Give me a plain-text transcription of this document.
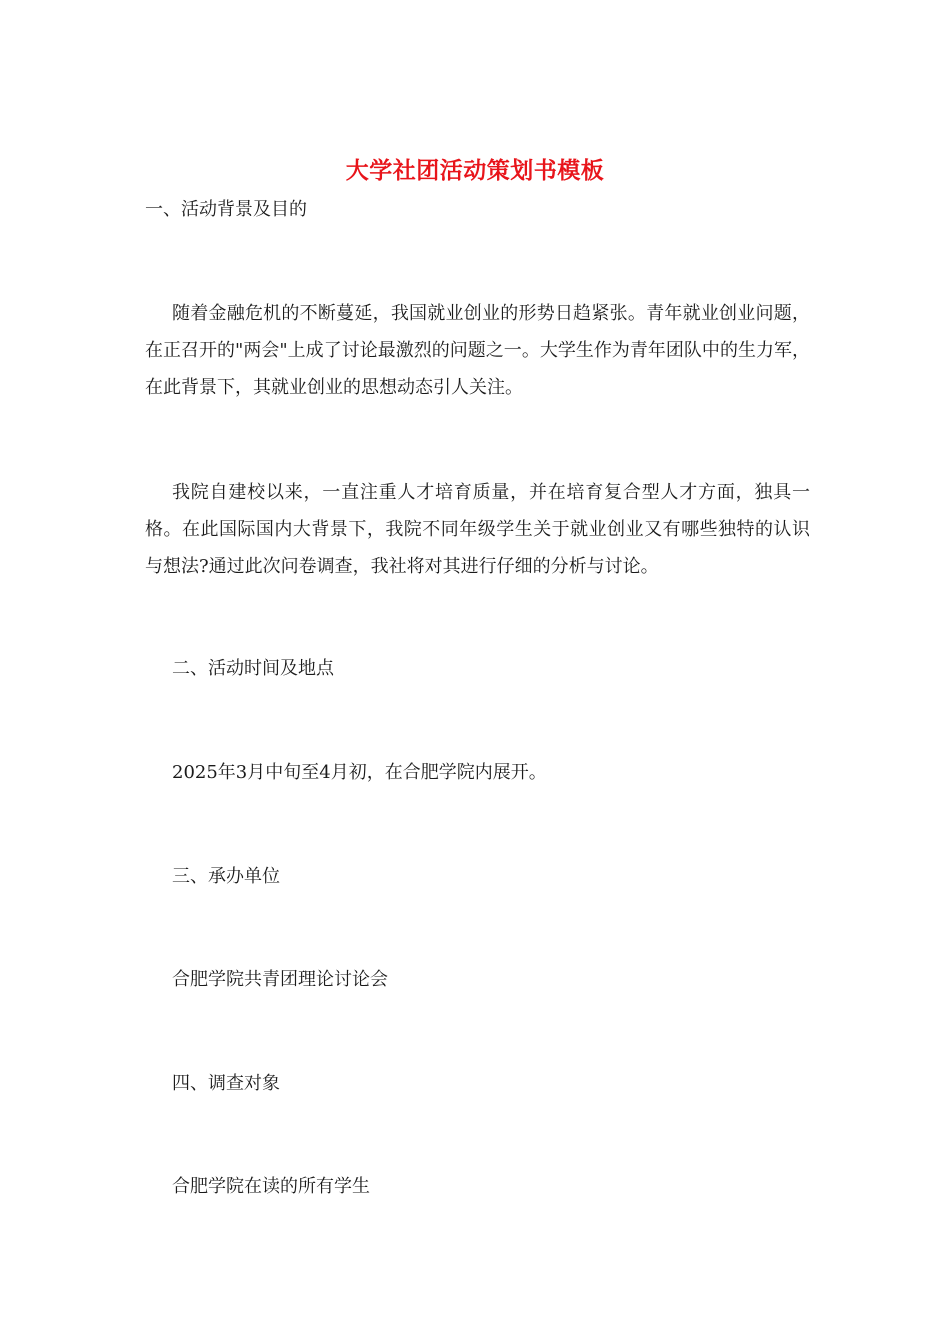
大学社团活动策划书模板
一、活动背景及目的
随着金融危机的不断蔓延，我国就业创业的形势日趋紧张。青年就业创业问题，在正召开的"两会"上成了讨论最激烈的问题之一。大学生作为青年团队中的生力军，在此背景下，其就业创业的思想动态引人关注。
我院自建校以来，一直注重人才培育质量，并在培育复合型人才方面，独具一格。在此国际国内大背景下，我院不同年级学生关于就业创业又有哪些独特的认识与想法?通过此次问卷调查，我社将对其进行仔细的分析与讨论。
二、活动时间及地点
2025年3月中旬至4月初，在合肥学院内展开。
三、承办单位
合肥学院共青团理论讨论会
四、调查对象
合肥学院在读的所有学生
